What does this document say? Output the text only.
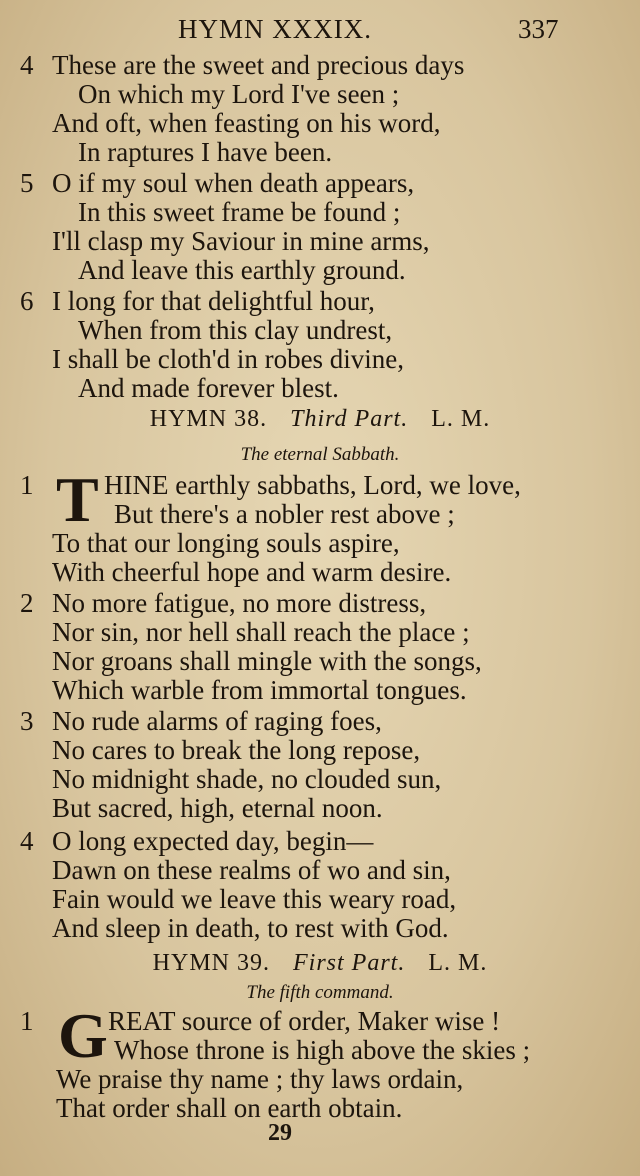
HYMN XXXIX.	337
4 These are the sweet and precious days
On which my Lord I've seen ;
And oft, when feasting on his word,
In raptures I have been.
5 O if my soul when death appears,
In this sweet frame be found ;
I'll clasp my Saviour in mine arms,
And leave this earthly ground.
6 I long for that delightful hour,
When from this clay undrest,
I shall be cloth'd in robes divine,
And made forever blest.
HYMN 38. Third Part. L. M.
The eternal Sabbath.
1 T HINE earthly sabbaths, Lord, we love,
But there's a nobler rest above ;
To that our longing souls aspire,
With cheerful hope and warm desire.
2 No more fatigue, no more distress,
Nor sin, nor hell shall reach the place ;
Nor groans shall mingle with the songs,
Which warble from immortal tongues.
3 No rude alarms of raging foes,
No cares to break the long repose,
No midnight shade, no clouded sun,
But sacred, high, eternal noon.
4 O long expected day, begin—
Dawn on these realms of wo and sin,
Fain would we leave this weary road,
And sleep in death, to rest with God.
HYMN 39. First Part. L. M.
The fifth command.
1 G REAT source of order, Maker wise !
Whose throne is high above the skies ;
We praise thy name ; thy laws ordain,
That order shall on earth obtain.
29
